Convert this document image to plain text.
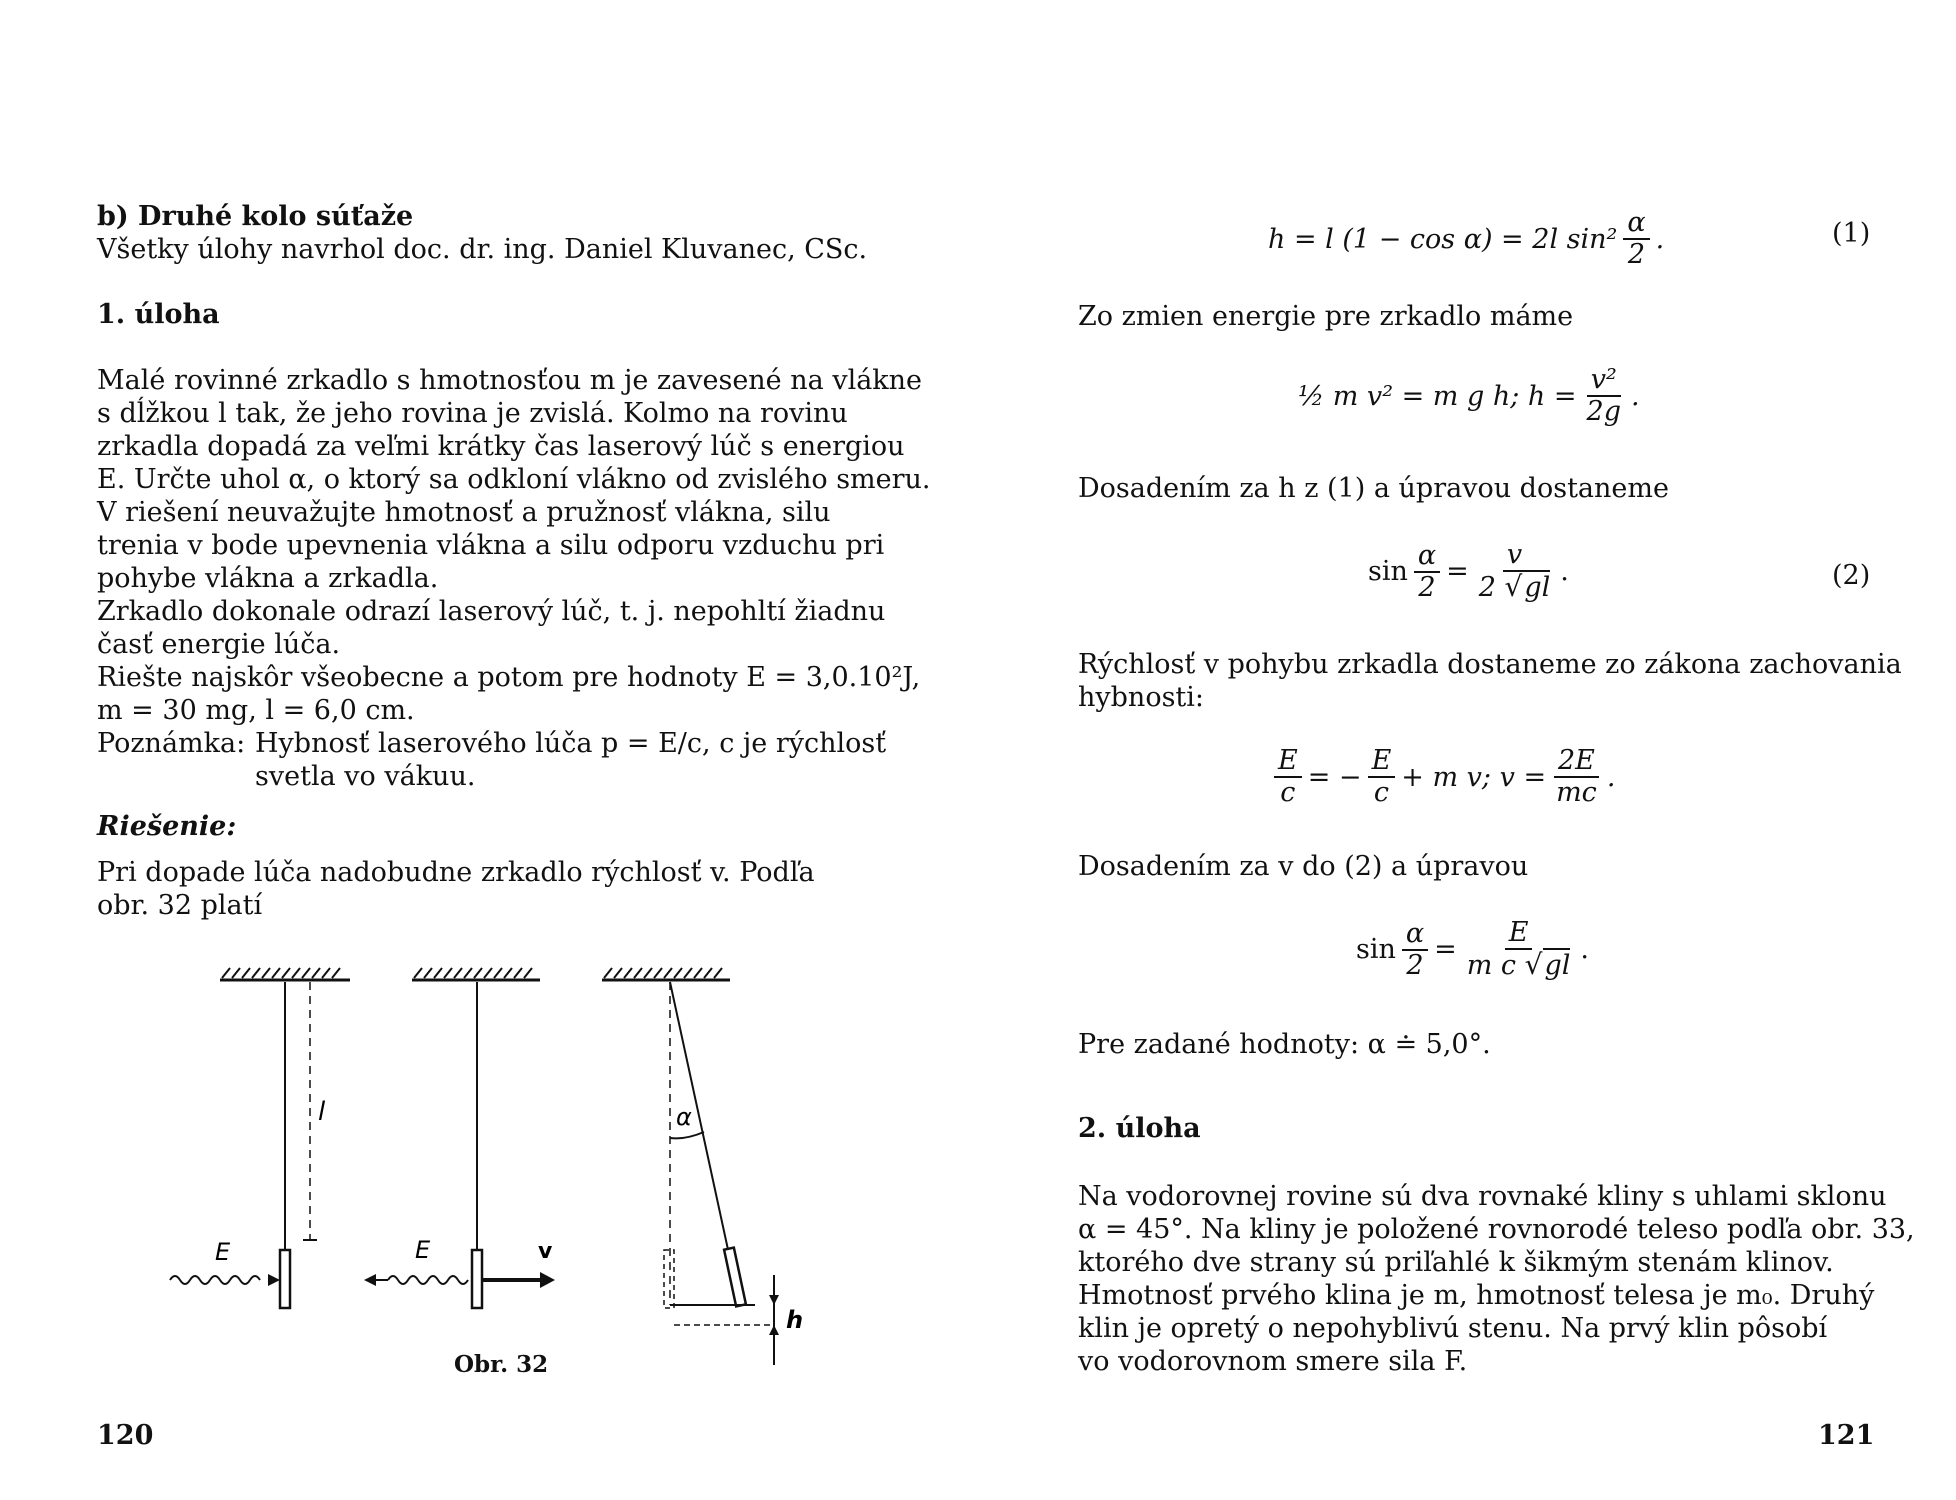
b) Druhé kolo súťaže
Všetky úlohy navrhol doc. dr. ing. Daniel Kluvanec, CSc.
1. úloha
Malé rovinné zrkadlo s hmotnosťou m je zavesené na vlákne
s dĺžkou l tak, že jeho rovina je zvislá. Kolmo na rovinu
zrkadla dopadá za veľmi krátky čas laserový lúč s energiou
E. Určte uhol α, o ktorý sa odkloní vlákno od zvislého smeru.
V riešení neuvažujte hmotnosť a pružnosť vlákna, silu
trenia v bode upevnenia vlákna a silu odporu vzduchu pri
pohybe vlákna a zrkadla.
Zrkadlo dokonale odrazí laserový lúč, t. j. nepohltí žiadnu
časť energie lúča.
Riešte najskôr všeobecne a potom pre hodnoty E = 3,0.10²J,
m = 30 mg, l = 6,0 cm.
Poznámka: Hybnosť laserového lúča p = E/c, c je rýchlosť
svetla vo vákuu.
Riešenie:
Pri dopade lúča nadobudne zrkadlo rýchlosť v. Podľa
obr. 32 platí
l
E	v
E
α
h
Obr. 32
120
h = l (1 − cos α) = 2l $\sin^2 \frac{\alpha}{2}$ .	(1)
Zo zmien energie pre zrkadlo máme
½ m v² = m g h; $h = \frac{\text{v²}}{2g}$ .
Dosadením za h z (1) a úpravou dostaneme
$\sin \frac{\alpha}{2} = \frac{v}{2 √gl}$ .	(2)
Rýchlosť v pohybu zrkadla dostaneme zo zákona zachovania
hybnosti:
$\frac{E}{c}$ = − $\frac{E}{c} + m$ v; $v = \frac{2E}{mc}$ .
Dosadením za v do (2) a úpravou
$\sin \frac{\alpha}{2} = \frac{E}{\text{m c √gl}}$ .
Pre zadané hodnoty: α ≐ 5,0°.
2. úloha
Na vodorovnej rovine sú dva rovnaké kliny s uhlami sklonu
α = 45°. Na kliny je položené rovnorodé teleso podľa obr. 33,
ktorého dve strany sú priľahlé k šikmým stenám klinov.
Hmotnosť prvého klina je m, hmotnosť telesa je m₀. Druhý
klin je opretý o nepohyblivú stenu. Na prvý klin pôsobí
vo vodorovnom smere sila F.
121
